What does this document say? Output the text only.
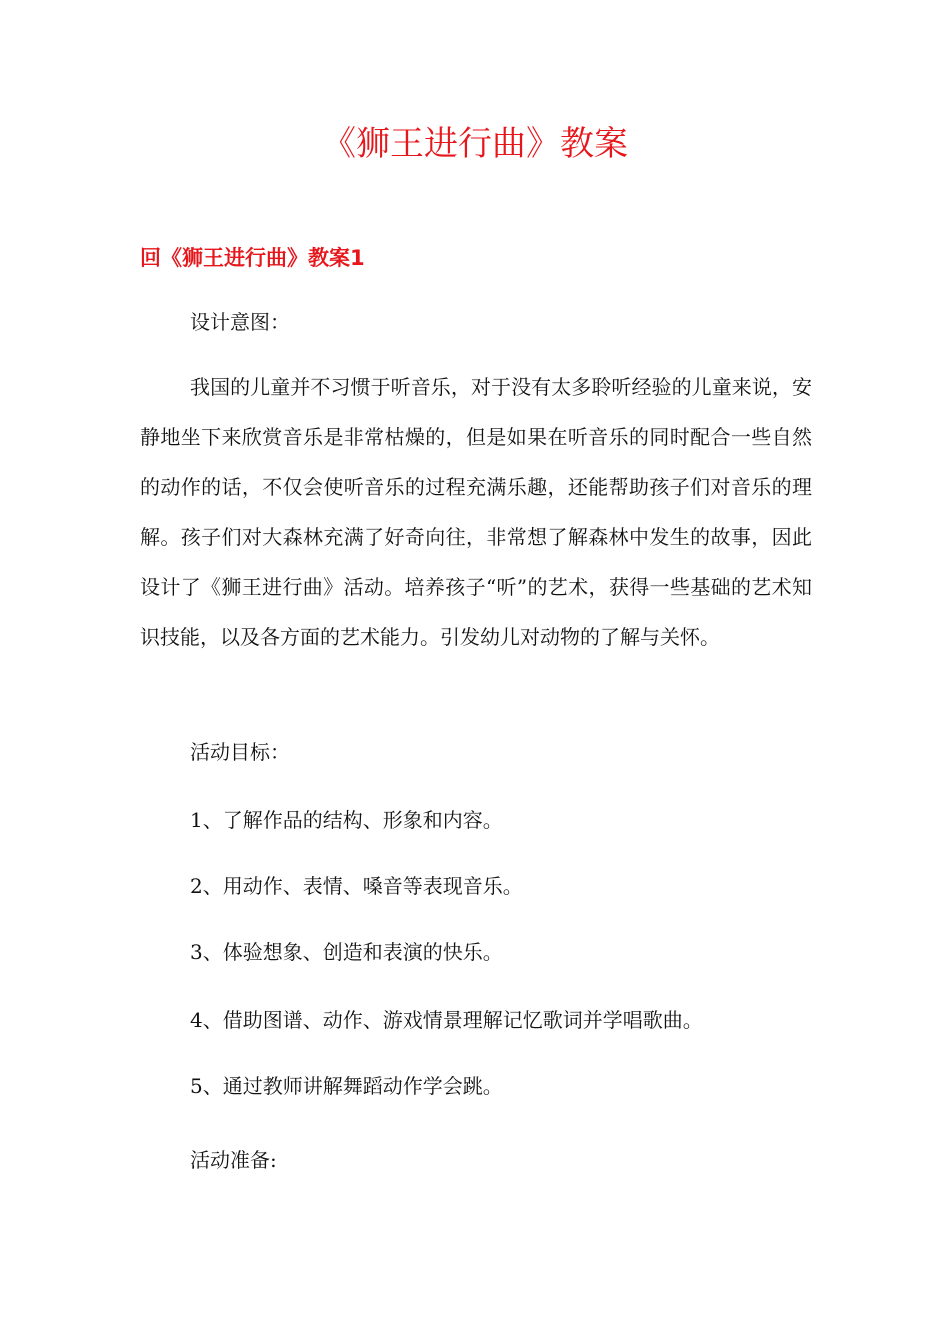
《狮王进行曲》教案
回《狮王进行曲》教案1

设计意图：

我国的儿童并不习惯于听音乐，对于没有太多聆听经验的儿童来说，安静地坐下来欣赏音乐是非常枯燥的，但是如果在听音乐的同时配合一些自然的动作的话，不仅会使听音乐的过程充满乐趣，还能帮助孩子们对音乐的理解。孩子们对大森林充满了好奇向往，非常想了解森林中发生的故事，因此设计了《狮王进行曲》活动。培养孩子“听”的艺术，获得一些基础的艺术知识技能，以及各方面的艺术能力。引发幼儿对动物的了解与关怀。

活动目标：

1、了解作品的结构、形象和内容。

2、用动作、表情、嗓音等表现音乐。

3、体验想象、创造和表演的快乐。

4、借助图谱、动作、游戏情景理解记忆歌词并学唱歌曲。

5、通过教师讲解舞蹈动作学会跳。

活动准备:
